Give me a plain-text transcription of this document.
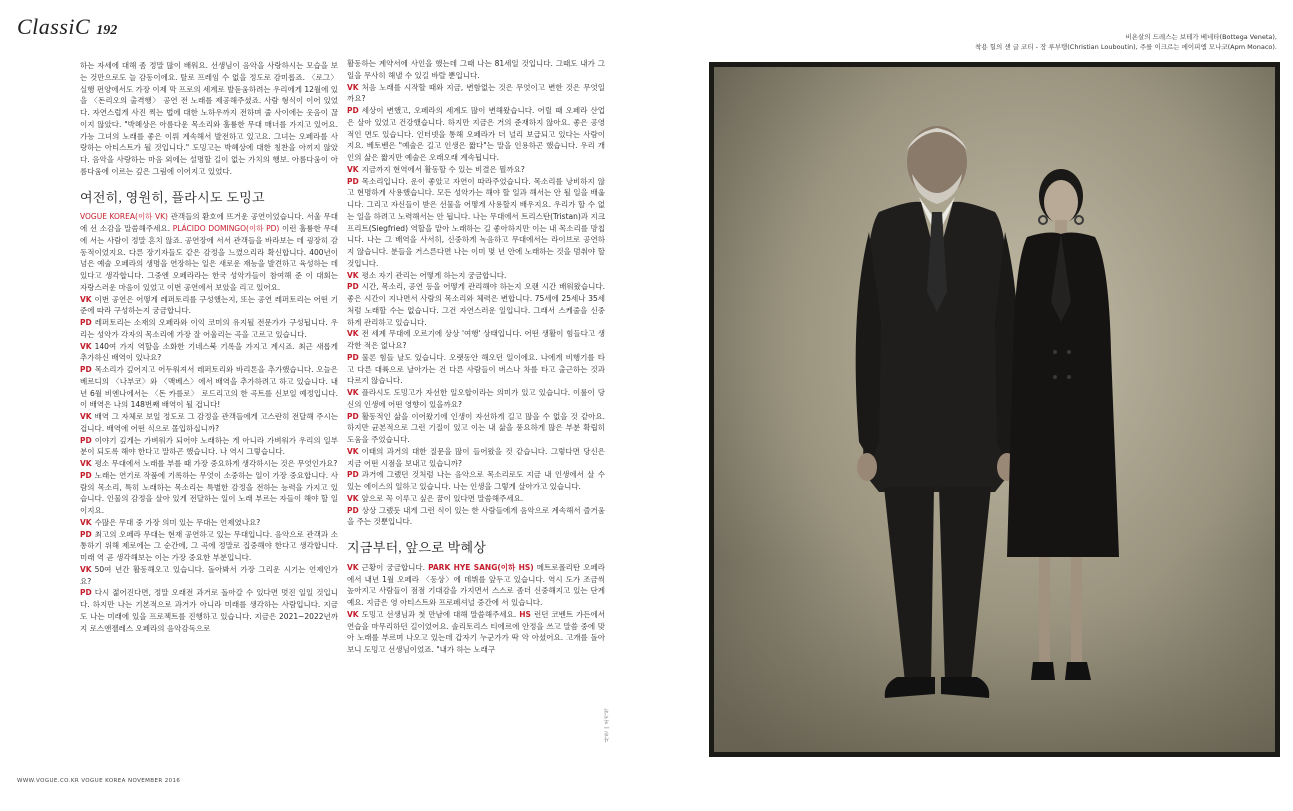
ClassiC 192	비욘살의 드레스는 보테가 베네타(Bottega Veneta),
착용 힐의 샌 글 코티 - 장 루부탱(Christian Louboutin), 주를 이크르는 에이피엠 모나코(Apm Monaco).

하는 자세에 대해 좀 정말 많이 배워요. 선생님이 음악을 사랑하시는 모습을 보는 것만으로도 늘 감동이에요. 탈로 프레임 수 없을 정도로 감미롭죠. 〈로그〉 실행 펀양에서도 가장 이제 막 프로의 세계로 발돋움하려는 우리에게 12월에 있을 〈돈리오의 출격행〉 공연 전 노래를 제공해주셨죠. 사람 형식이 이어 있었다. 자연스럽게 사진 찍는 법에 대한 노하우까지 전하며 줄 사이에는 웃음이 끊이지 않았다. "박혜상은 아름다운 목소리와 훌륭한 무대 매너를 가지고 있어요. 가능 그녀의 노래를 좋은 이뤄 계속해서 발전하고 있고요. 그녀는 오페라를 사랑하는 아티스트가 될 것입니다." 도밍고는 박혜상에 대한 칭찬을 아끼지 않았다. 음악을 사랑하는 마음 외에는 설명할 길이 없는 가치의 행보. 아름다움이 아름다움에 이르는 깊은 그림에 이어지고 있었다.

여전히, 영원히, 플라시도 도밍고

VOGUE KOREA(이하 VK) 관객들의 환호에 뜨거운 공연이었습니다. 서울 무대에 선 소감을 말씀해주세요. PLÁCIDO DOMINGO(이하 PD) 이런 훌륭한 무대에 서는 사람이 정말 흔치 않죠. 공연장에 서서 관객들을 바라보는 데 굉장히 감동적이었지요. 다른 장기자들도 같은 감정을 느꼈으리라 확신합니다. 400년이 넘은 예술 오페라의 생명을 연장하는 일은 새로운 재능을 발견하고 육성하는 데 있다고 생각합니다. 그중엔 오페라라는 한국 성악가들이 참여해 준 이 대회는 자랑스러운 마음이 있었고 이번 공연에서 보았을 리고 있어요.

VK 이번 공연은 어떻게 레퍼토리를 구성했는지, 또는 공연 레퍼토리는 어떤 기준에 따라 구성하는지 궁금합니다.

PD 레퍼토리는 소재의 오페라와 이익 코미의 유지될 전문가가 구성됩니다. 우리는 성악가 각자의 목소리에 가장 잘 어울리는 곡을 고르고 있습니다.

VK 140여 가지 역할을 소화한 기네스북 기록을 가지고 계시죠. 최근 새롭게 추가하신 배역이 있나요?

PD 목소리가 깊어지고 어두워져서 레퍼토리와 바리톤을 추가했습니다. 오늘은 베르디의 〈나부코〉와 〈맥베스〉에서 배역을 추가하려고 하고 있습니다. 내년 6월 비엔나에서는 〈돈 카를로〉 로드리고의 한 곡트를 신보일 예정입니다. 이 배역은 나의 148번째 배역이 될 겁니다!

VK 배역 그 자체로 보일 정도로 그 감정을 관객들에게 고스란히 전달해 주시는 겁니다. 배역에 어떤 식으로 몰입하십니까?

PD 이야기 깊게는 가벼워가 되어야 노래하는 게 아니라 가벼워가 우리의 일부분이 되도록 해야 한다고 말하곤 했습니다. 나 역시 그렇습니다.

VK 평소 무대에서 노래를 부를 때 가장 중요하게 생각하시는 것은 무엇인가요?

PD 노래는 연기로 작품에 기록하는 무엇이 소중하는 일이 가장 중요합니다. 사람의 목소리, 특히 노래하는 목소리는 특별한 감정을 전하는 능력을 가지고 있습니다. 인물의 감정을 살아 있게 전달하는 일이 노래 부르는 자들이 해야 할 일이지요.

VK 수많은 무대 중 가장 의미 있는 무대는 언제였나요?

PD 최고의 오페라 무대는 현재 공연하고 있는 무대입니다. 음악으로 관객과 소통하기 위해 제로에는 그 순간에, 그 곡에 정말로 집중해야 한다고 생각합니다. 미래 역 곧 생각해보는 이는 가장 중요한 부분입니다.

VK 50여 년간 활동해오고 있습니다. 돌아봐서 가장 그리운 시기는 언제인가요?

PD 다시 젊어진다면, 정말 오래전 과거로 돌아갈 수 있다면 멋진 일일 것입니다. 하지만 나는 기본적으로 과거가 아니라 미래를 생각하는 사람입니다. 지금도 나는 미래에 있을 프로젝트를 진행하고 있습니다. 지금은 2021~2022년까지 로스앤젤레스 오페라의 음악감독으로

활동하는 계약서에 사인을 했는데 그때 나는 81세일 것입니다. 그때도 내가 그 일을 무사히 해낼 수 있길 바랄 뿐입니다.

VK 처음 노래를 시작할 때와 지금, 변함없는 것은 무엇이고 변한 것은 무엇일까요?

PD 세상이 변했고, 오페라의 세계도 많이 변해왔습니다. 어릴 때 오페라 산업은 살아 있었고 건강했습니다. 하지만 지금은 거의 준재하지 않아요. 좋은 공영적인 면도 있습니다. 인터넷을 통해 오페라가 더 널리 보급되고 있다는 사람이지요. 베토벤은 "예술은 길고 인생은 짧다"는 말을 인용하곤 했습니다. 우리 개인의 삶은 짧지만 예술은 오래오래 계속됩니다.

VK 지금까지 현역에서 활동할 수 있는 비결은 뭘까요?

PD 목소리입니다. 운이 좋았고 자연이 따라주었습니다. 목소리를 낭비하지 않고 현명하게 사용했습니다. 모든 성악가는 해야 할 일과 해서는 안 될 일을 배웁니다. 그리고 자신들이 받은 선물을 어떻게 사용할지 배우지요. 우리가 할 수 없는 일을 하려고 노력해서는 안 됩니다. 나는 무대에서 트리스탄(Tristan)과 지크프리트(Siegfried) 역할을 맡아 노래하는 길 좋아하지만 이는 내 목소리를 망칩니다. 나는 그 배역을 사서히, 신중하게 녹음하고 무대에서는 라이브로 공연하지 않습니다. 분들을 거스른다면 나는 이미 몇 년 안에 노래하는 것을 멈춰야 할 것입니다.

VK 평소 자기 관리는 어떻게 하는지 궁금합니다.

PD 시간, 목소리, 공연 등을 어떻게 관리해야 하는지 오랜 시간 배워왔습니다. 좋은 시간이 지나면서 사람의 목소리와 체력은 변합니다. 75세에 25세나 35세처럼 노래할 수는 없습니다. 그건 자연스러운 일입니다. 그래서 스케줄을 신중하게 관리하고 있습니다.

VK 전 세계 무대에 오르기에 상상 '여행' 상태입니다. 어떤 생활이 힘들다고 생각한 적은 없나요?

PD 물론 힘들 날도 있습니다. 오랫동안 해오던 일이에요. 나에게 비행기를 타고 다른 대륙으로 날아가는 건 다른 사람들이 버스나 차를 타고 출근하는 것과 다르지 않습니다.

VK 플라시도 도밍고가 자선한 일오합이라는 의미가 있고 있습니다. 이룰이 당신의 인생에 어떤 영향이 있을까요?

PD 활동적인 삶을 이어왔기에 인생이 자선하게 길고 많을 수 없을 것 같아요. 하지만 균본적으로 그런 기질이 있고 이는 내 삶을 풍요하게 많은 부분 확립히 도움을 주었습니다.

VK 이태의 과거의 대한 질문을 많이 들어왔을 것 같습니다. 그렇다면 당신은 지금 어떤 시점을 보내고 있습니까?

PD 과거에 그랬던 것처럼 나는 음악으로 목소리로도 지금 내 인생에서 살 수 있는 에이스의 일하고 있습니다. 나는 인생을 그렇게 살아가고 있습니다.

VK 앞으로 꼭 이루고 싶은 꿈이 있다면 말씀해주세요.

PD 상상 그랬듯 내게 그런 식이 있는 한 사람들에게 음악으로 계속해서 즐거움을 주는 것뿐입니다.

지금부터, 앞으로 박혜상

VK 근황이 궁금합니다. PARK HYE SANG(이하 HS) 메트로폴리탄 오페라에서 내년 1월 오페라 〈동상〉에 데뷔를 앞두고 있습니다. 역시 도가 조금씩 높아지고 사람들이 점점 기대감을 가지면서 스스로 좀더 신중해지고 있는 단계예요. 지금은 영 아티스트와 프로페셔널 중간에 서 있습니다.

VK 도밍고 선생님과 첫 만남에 대해 말씀해주세요. HS 런던 코벤트 가든에서 연습을 마무리하던 길이었어요. 솔리토리스 티에르에 안정을 쓰고 말씀 중에 맞아 노래를 부르며 나오고 있는데 갑자기 누군가가 딱 악 아셨어요. 고개를 돌아보니 도밍고 선생님이었죠. "내가 하는 노래구

사진 | 조기석
WWW.VOGUE.CO.KR VOGUE KOREA NOVEMBER 2016
